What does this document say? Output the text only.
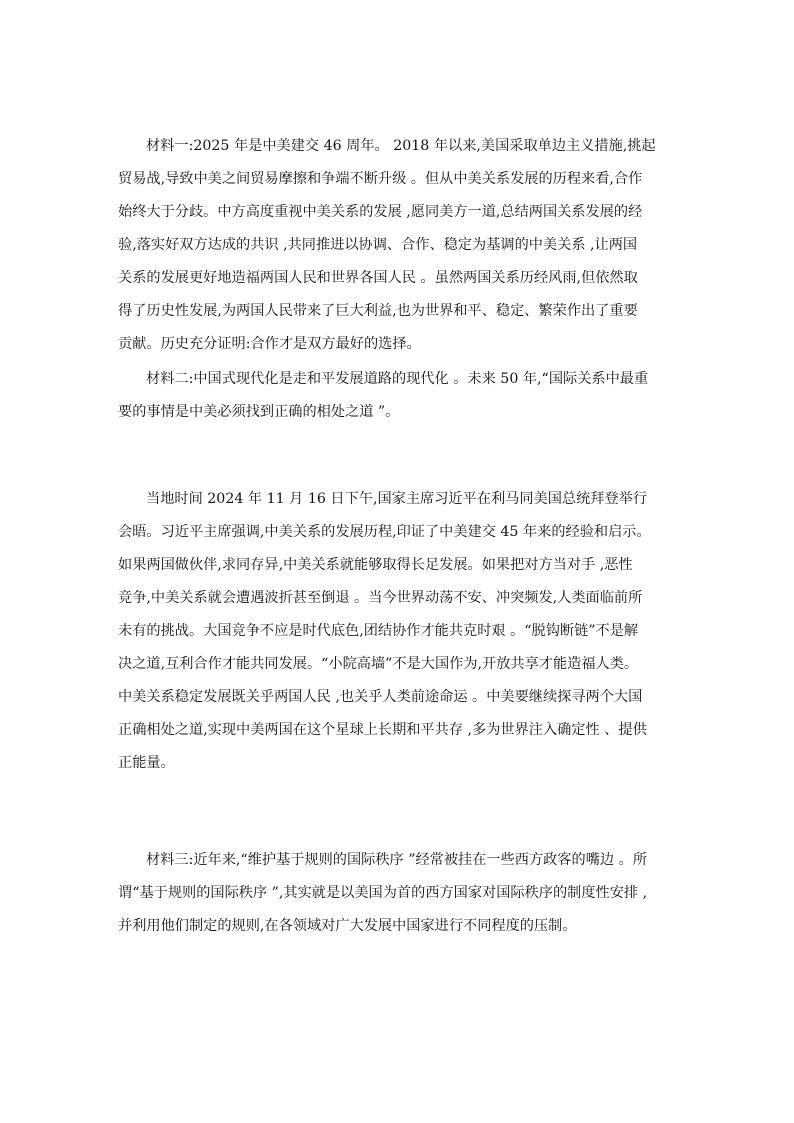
材料一:2025 年是中美建交 46 周年。 2018 年以来,美国采取单边主义措施,挑起
贸易战,导致中美之间贸易摩擦和争端不断升级 。但从中美关系发展的历程来看,合作
始终大于分歧。中方高度重视中美关系的发展 ,愿同美方一道,总结两国关系发展的经
验,落实好双方达成的共识 ,共同推进以协调、合作、稳定为基调的中美关系 ,让两国
关系的发展更好地造福两国人民和世界各国人民 。虽然两国关系历经风雨,但依然取
得了历史性发展,为两国人民带来了巨大利益,也为世界和平、稳定、繁荣作出了重要
贡献。历史充分证明:合作才是双方最好的选择。
材料二:中国式现代化是走和平发展道路的现代化 。未来 50 年,“国际关系中最重
要的事情是中美必须找到正确的相处之道 ”。
当地时间 2024 年 11 月 16 日下午,国家主席习近平在利马同美国总统拜登举行
会晤。习近平主席强调,中美关系的发展历程,印证了中美建交 45 年来的经验和启示。
如果两国做伙伴,求同存异,中美关系就能够取得长足发展。如果把对方当对手 ,恶性
竞争,中美关系就会遭遇波折甚至倒退 。当今世界动荡不安、冲突频发,人类面临前所
未有的挑战。大国竞争不应是时代底色,团结协作才能共克时艰 。“脱钩断链”不是解
决之道,互利合作才能共同发展。“小院高墙”不是大国作为,开放共享才能造福人类。
中美关系稳定发展既关乎两国人民 ,也关乎人类前途命运 。中美要继续探寻两个大国
正确相处之道,实现中美两国在这个星球上长期和平共存 ,多为世界注入确定性 、提供
正能量。
材料三:近年来,“维护基于规则的国际秩序 ”经常被挂在一些西方政客的嘴边 。所
谓“基于规则的国际秩序 ”,其实就是以美国为首的西方国家对国际秩序的制度性安排 ,
并利用他们制定的规则,在各领域对广大发展中国家进行不同程度的压制。
